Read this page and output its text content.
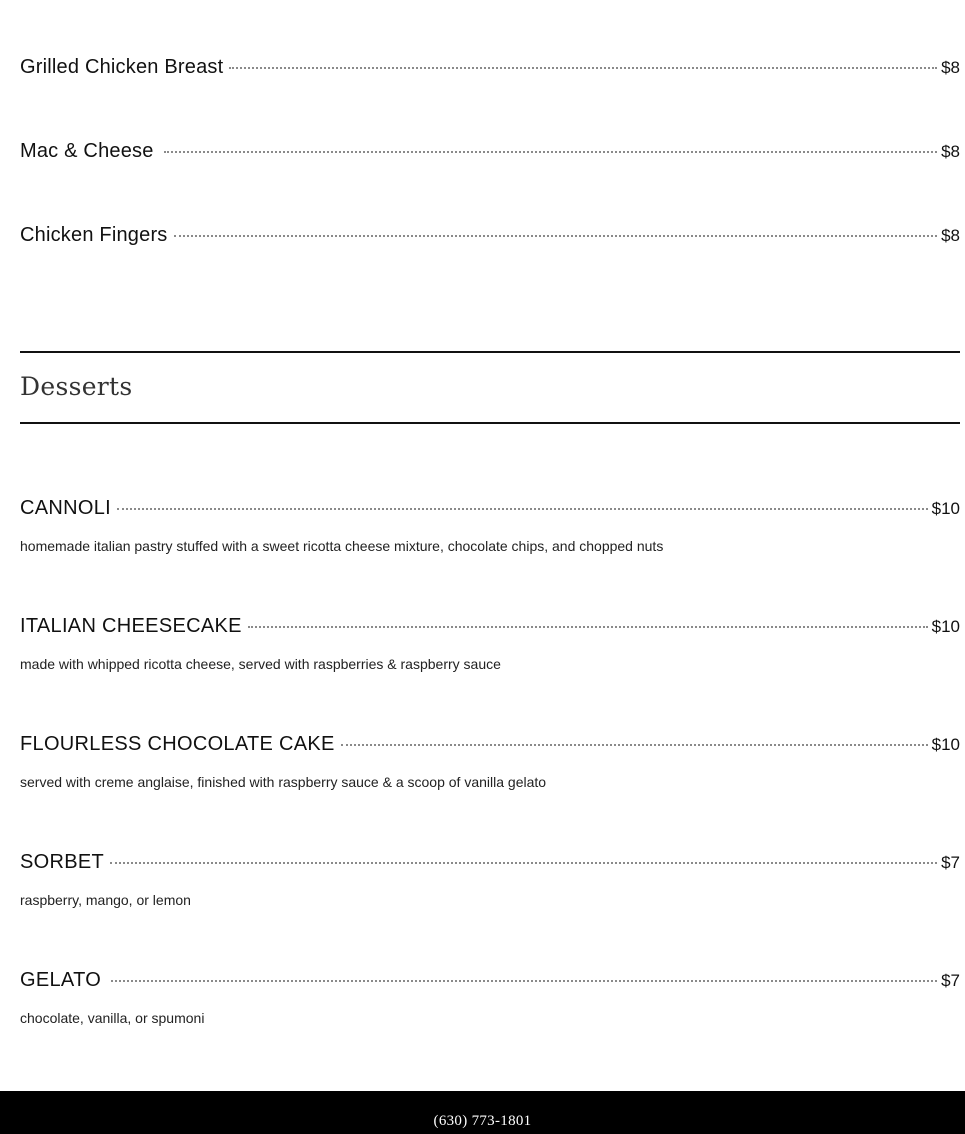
Grilled Chicken Breast	$8
Mac & Cheese	$8
Chicken Fingers	$8
Desserts
CANNOLI	$10
homemade italian pastry stuffed with a sweet ricotta cheese mixture, chocolate chips, and chopped nuts
ITALIAN CHEESECAKE	$10
made with whipped ricotta cheese, served with raspberries & raspberry sauce
FLOURLESS CHOCOLATE CAKE	$10
served with creme anglaise, finished with raspberry sauce & a scoop of vanilla gelato
SORBET	$7
raspberry, mango, or lemon
GELATO	$7
chocolate, vanilla, or spumoni
(630) 773-1801
